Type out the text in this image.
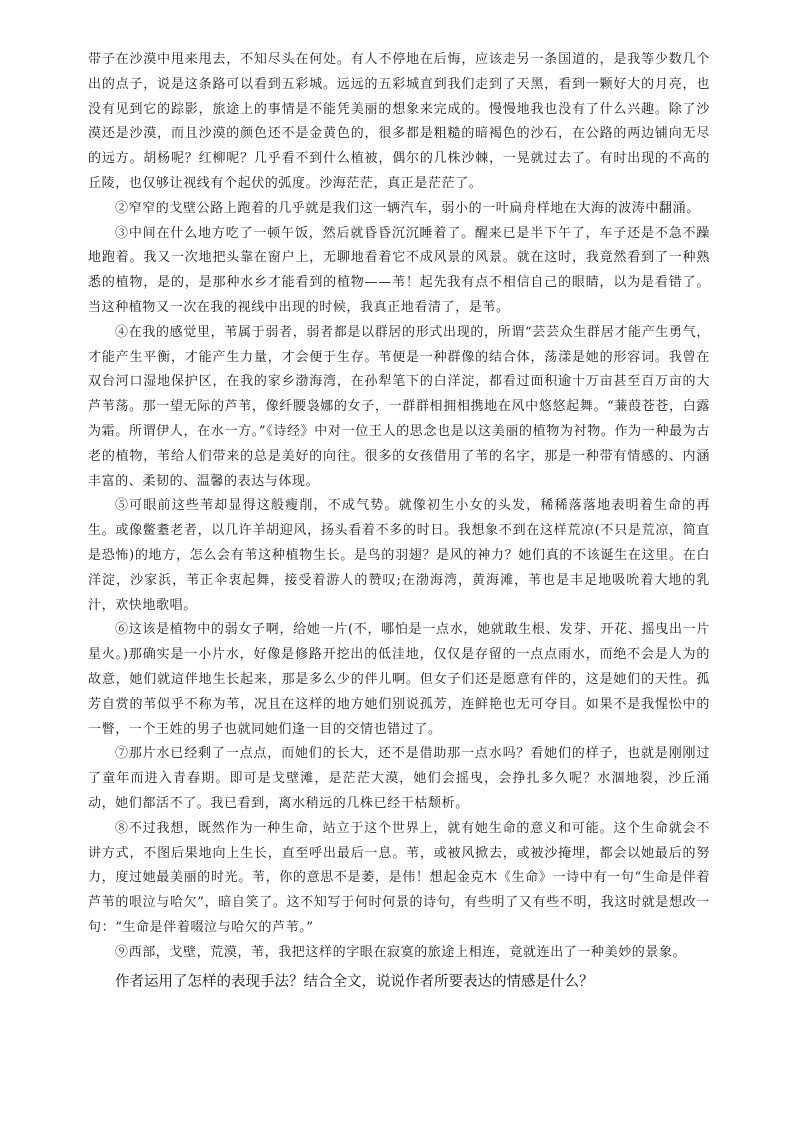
带子在沙漠中甩来甩去，不知尽头在何处。有人不停地在后悔，应该走另一条国道的，是我等少数几个出的点子，说是这条路可以看到五彩城。远远的五彩城直到我们走到了天黑，看到一颗好大的月亮，也没有见到它的踪影，旅途上的事情是不能凭美丽的想象来完成的。慢慢地我也没有了什么兴趣。除了沙漠还是沙漠，而且沙漠的颜色还不是金黄色的，很多都是粗糙的暗褐色的沙石，在公路的两边铺向无尽的远方。胡杨呢？红柳呢？几乎看不到什么植被，偶尔的几株沙棘，一晃就过去了。有时出现的不高的丘陵，也仅够让视线有个起伏的弧度。沙海茫茫，真正是茫茫了。

②窄窄的戈壁公路上跑着的几乎就是我们这一辆汽车，弱小的一叶扁舟样地在大海的波涛中翻涌。

③中间在什么地方吃了一顿午饭，然后就昏昏沉沉睡着了。醒来已是半下午了，车子还是不急不躁地跑着。我又一次地把头靠在窗户上，无聊地看着它不成风景的风景。就在这时，我竟然看到了一种熟悉的植物，是的，是那种水乡才能看到的植物——苇！起先我有点不相信自己的眼睛，以为是看错了。当这种植物又一次在我的视线中出现的时候，我真正地看清了，是苇。

④在我的感觉里，苇属于弱者，弱者都是以群居的形式出现的，所谓“芸芸众生群居才能产生勇气，才能产生平衡，才能产生力量，才会便于生存。苇便是一种群像的结合体，荡漾是她的形容词。我曾在双台河口湿地保护区，在我的家乡渤海湾，在孙犁笔下的白洋淀，都看过面积逾十万亩甚至百万亩的大芦苇荡。那一望无际的芦苇，像纤腰袅娜的女子，一群群相拥相携地在风中悠悠起舞。“蒹葭苍苍，白露为霜。所谓伊人，在水一方。”《诗经》中对一位王人的思念也是以这美丽的植物为衬物。作为一种最为古老的植物，苇给人们带来的总是美好的向往。很多的女孩借用了苇的名字，那是一种带有情感的、内涵丰富的、柔韧的、温馨的表达与体现。

⑤可眼前这些苇却显得这般瘦削，不成气势。就像初生小女的头发，稀稀落落地表明着生命的再生。或像鳖耋老者，以几许羊胡迎风，扬头看着不多的时日。我想象不到在这样荒凉(不只是荒凉，简直是恐怖)的地方，怎么会有苇这种植物生长。是鸟的羽翅？是风的神力？她们真的不该诞生在这里。在白洋淀，沙家浜，苇正伞衷起舞，接受着游人的赞叹;在渤海湾，黄海滩，苇也是丰足地吸吮着大地的乳汁，欢快地歌唱。

⑥这该是植物中的弱女子啊，给她一片(不，哪怕是一点水，她就敢生根、发芽、开花、摇曳出一片星火。)那确实是一小片水，好像是修路开挖出的低洼地，仅仅是存留的一点点雨水，而绝不会是人为的故意，她们就這伴地生长起来，那是多么少的伴儿啊。但女子们还是愿意有伴的，这是她们的天性。孤芳自赏的苇似乎不称为苇，况且在这样的地方她们别说孤芳，连鲜艳也无可夺目。如果不是我惺忪中的一瞥，一个王姓的男子也就同她们逢一目的交情也错过了。

⑦那片水已经剩了一点点，而她们的长大，还不是借助那一点水吗？看她们的样子，也就是刚刚过了童年而进入青春期。即可是戈壁滩，是茫茫大漠，她们会摇曳，会挣扎多久呢？水涸地裂，沙丘涌动，她们都活不了。我已看到，离水稍远的几株已经干枯颓析。

⑧不过我想，既然作为一种生命，站立于这个世界上，就有她生命的意义和可能。这个生命就会不讲方式，不图后果地向上生长，直至呼出最后一息。苇，或被风掀去，或被沙掩埋，都会以她最后的努力，度过她最美丽的时光。苇，你的意思不是萎，是伟！想起金克木《生命》一诗中有一句“生命是伴着芦苇的哏泣与哈欠”，暗自笑了。这不知写于何时何景的诗句，有些明了又有些不明，我这时就是想改一句：“生命是伴着啜泣与哈欠的芦苇。”

⑨西部，戈壁，荒漠，苇，我把这样的字眼在寂寞的旅途上相连，竟就连出了一种美妙的景象。

作者运用了怎样的表现手法？结合全文，说说作者所要表达的情感是什么？
